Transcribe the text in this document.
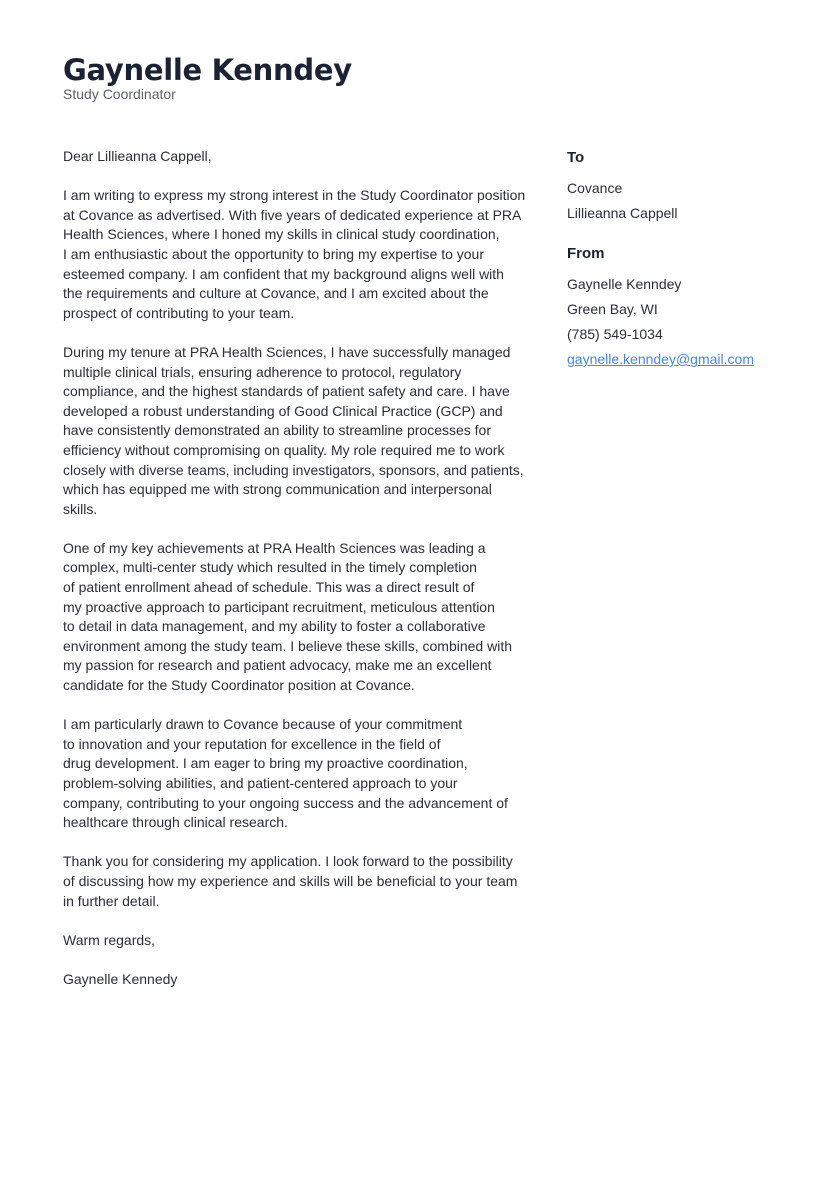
Gaynelle Kenndey
Study Coordinator

Dear Lillieanna Cappell,

I am writing to express my strong interest in the Study Coordinator position
at Covance as advertised. With five years of dedicated experience at PRA
Health Sciences, where I honed my skills in clinical study coordination,
I am enthusiastic about the opportunity to bring my expertise to your
esteemed company. I am confident that my background aligns well with
the requirements and culture at Covance, and I am excited about the
prospect of contributing to your team.

During my tenure at PRA Health Sciences, I have successfully managed
multiple clinical trials, ensuring adherence to protocol, regulatory
compliance, and the highest standards of patient safety and care. I have
developed a robust understanding of Good Clinical Practice (GCP) and
have consistently demonstrated an ability to streamline processes for
efficiency without compromising on quality. My role required me to work
closely with diverse teams, including investigators, sponsors, and patients,
which has equipped me with strong communication and interpersonal
skills.

One of my key achievements at PRA Health Sciences was leading a
complex, multi-center study which resulted in the timely completion
of patient enrollment ahead of schedule. This was a direct result of
my proactive approach to participant recruitment, meticulous attention
to detail in data management, and my ability to foster a collaborative
environment among the study team. I believe these skills, combined with
my passion for research and patient advocacy, make me an excellent
candidate for the Study Coordinator position at Covance.

I am particularly drawn to Covance because of your commitment
to innovation and your reputation for excellence in the field of
drug development. I am eager to bring my proactive coordination,
problem-solving abilities, and patient-centered approach to your
company, contributing to your ongoing success and the advancement of
healthcare through clinical research.

Thank you for considering my application. I look forward to the possibility
of discussing how my experience and skills will be beneficial to your team
in further detail.

Warm regards,

Gaynelle Kennedy

To
Covance
Lillieanna Cappell
From
Gaynelle Kenndey
Green Bay, WI
(785) 549-1034
gaynelle.kenndey@gmail.com
